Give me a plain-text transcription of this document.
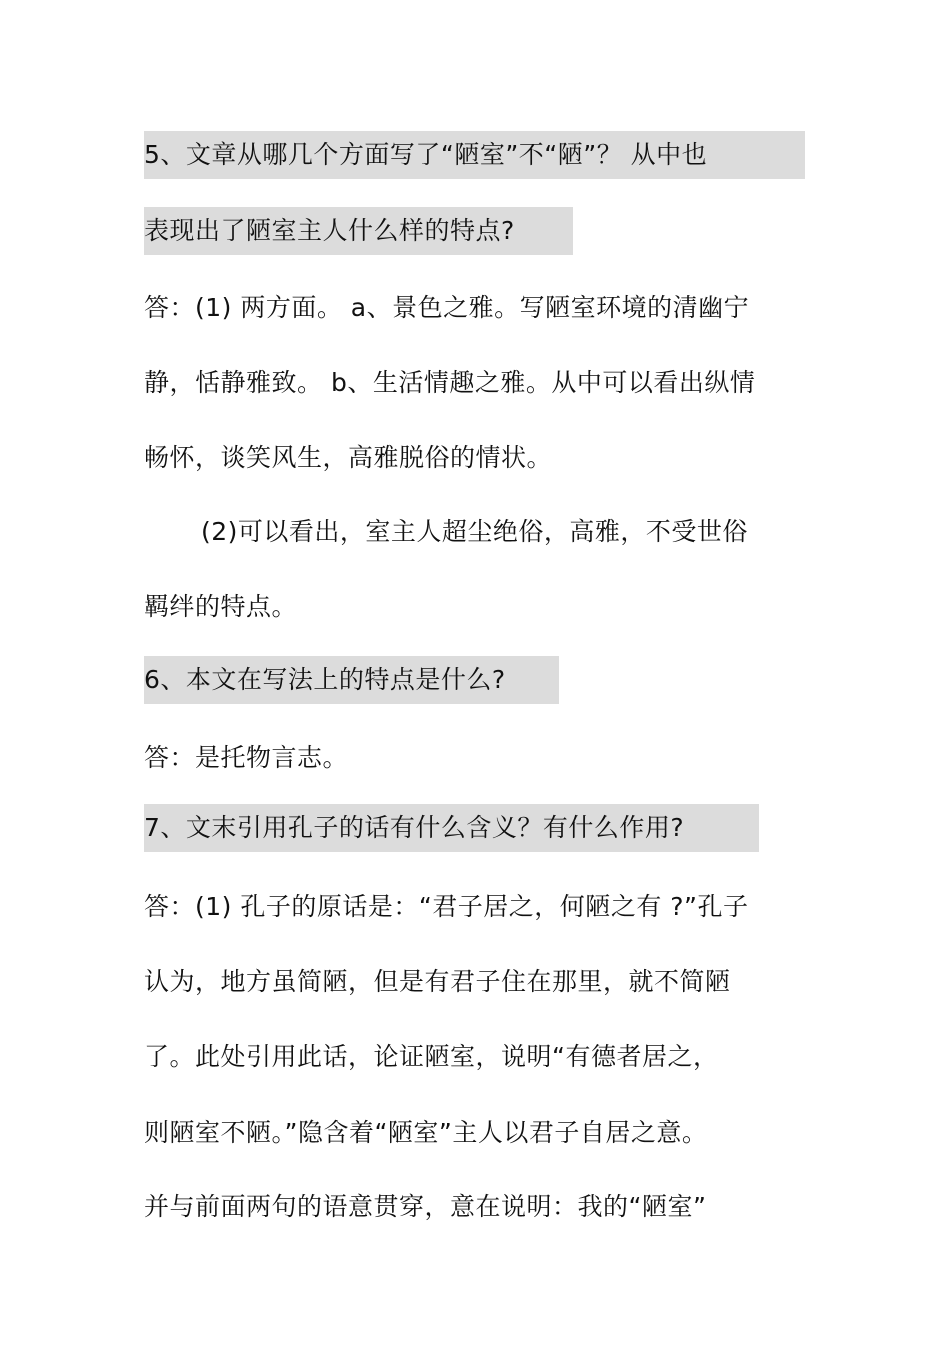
5、文章从哪几个方面写了“陋室”不“陋”？ 从中也
表现出了陋室主人什么样的特点?
答：(1) 两方面。 a、景色之雅。写陋室环境的清幽宁
静，恬静雅致。 b、生活情趣之雅。从中可以看出纵情
畅怀，谈笑风生，高雅脱俗的情状。
(2)可以看出，室主人超尘绝俗，高雅，不受世俗
羁绊的特点。
6、本文在写法上的特点是什么?
答：是托物言志。
7、文末引用孔子的话有什么含义？有什么作用?
答：(1) 孔子的原话是：“君子居之，何陋之有 ?”孔子
认为，地方虽简陋，但是有君子住在那里，就不简陋
了。此处引用此话，论证陋室，说明“有德者居之，
则陋室不陋。”隐含着“陋室”主人以君子自居之意。
并与前面两句的语意贯穿，意在说明：我的“陋室”
